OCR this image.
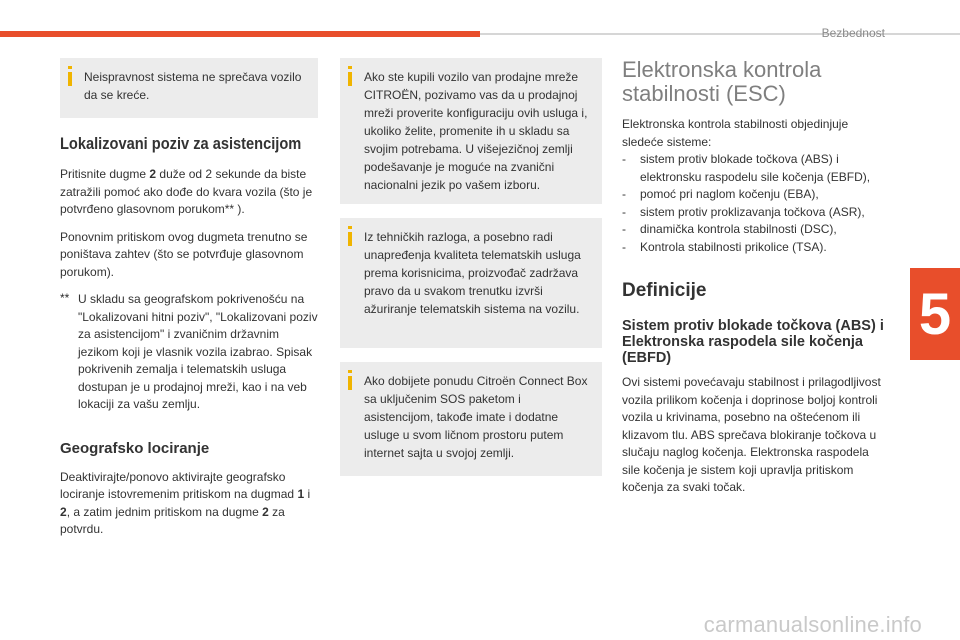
Bezbednost
5
carmanualsonline.info
Neispravnost sistema ne sprečava vozilo da se kreće.
Lokalizovani poziv za asistencijom

Pritisnite dugme 2 duže od 2 sekunde da biste zatražili pomoć ako dođe do kvara vozila (što je potvrđeno glasovnom porukom** ).

Ponovnim pritiskom ovog dugmeta trenutno se poništava zahtev (što se potvrđuje glasovnom porukom).

** U skladu sa geografskom pokrivenošću na "Lokalizovani hitni poziv", "Lokalizovani poziv za asistencijom" i zvaničnim državnim jezikom koji je vlasnik vozila izabrao. Spisak pokrivenih zemalja i telematskih usluga dostupan je u prodajnoj mreži, kao i na veb lokaciji za vašu zemlju.
Geografsko lociranje

Deaktivirajte/ponovo aktivirajte geografsko lociranje istovremenim pritiskom na dugmad 1 i 2, a zatim jednim pritiskom na dugme 2 za potvrdu.

Ako ste kupili vozilo van prodajne mreže CITROËN, pozivamo vas da u prodajnoj mreži proverite konfiguraciju ovih usluga i, ukoliko želite, promenite ih u skladu sa svojim potrebama. U višejezičnoj zemlji podešavanje je moguće na zvanični nacionalni jezik po vašem izboru.
Iz tehničkih razloga, a posebno radi unapređenja kvaliteta telematskih usluga prema korisnicima, proizvođač zadržava pravo da u svakom trenutku izvrši ažuriranje telematskih sistema na vozilu.
Ako dobijete ponudu Citroën Connect Box sa uključenim SOS paketom i asistencijom, takođe imate i dodatne usluge u svom ličnom prostoru putem internet sajta u svojoj zemlji.
Elektronska kontrola stabilnosti (ESC)

Elektronska kontrola stabilnosti objedinjuje sledeće sisteme:

- sistem protiv blokade točkova (ABS) i elektronsku raspodelu sile kočenja (EBFD),
- pomoć pri naglom kočenju (EBA),
- sistem protiv proklizavanja točkova (ASR),
- dinamička kontrola stabilnosti (DSC),
- Kontrola stabilnosti prikolice (TSA).
Definicije
Sistem protiv blokade točkova (ABS) i Elektronska raspodela sile kočenja (EBFD)

Ovi sistemi povećavaju stabilnost i prilagodljivost vozila prilikom kočenja i doprinose boljoj kontroli vozila u krivinama, posebno na oštećenom ili klizavom tlu. ABS sprečava blokiranje točkova u slučaju naglog kočenja. Elektronska raspodela sile kočenja je sistem koji upravlja pritiskom kočenja za svaki točak.
